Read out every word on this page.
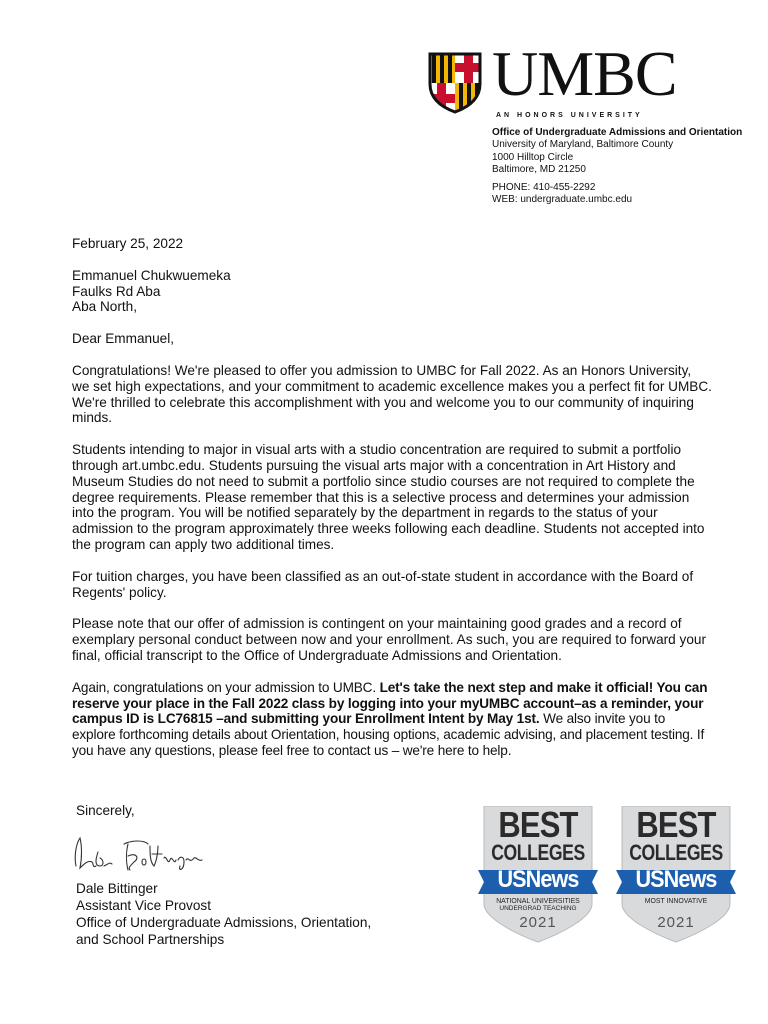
UMBC
AN HONORS UNIVERSITY
Office of Undergraduate Admissions and Orientation
University of Maryland, Baltimore County
1000 Hilltop Circle
Baltimore, MD 21250
PHONE: 410-455-2292
WEB: undergraduate.umbc.edu

February 25, 2022

Emmanuel Chukwuemeka

Faulks Rd Aba

Aba North,

Dear Emmanuel,

Congratulations! We're pleased to offer you admission to UMBC for Fall 2022. As an Honors University, we set high expectations, and your commitment to academic excellence makes you a perfect fit for UMBC. We're thrilled to celebrate this accomplishment with you and welcome you to our community of inquiring minds.

Students intending to major in visual arts with a studio concentration are required to submit a portfolio through art.umbc.edu. Students pursuing the visual arts major with a concentration in Art History and Museum Studies do not need to submit a portfolio since studio courses are not required to complete the degree requirements. Please remember that this is a selective process and determines your admission into the program. You will be notified separately by the department in regards to the status of your admission to the program approximately three weeks following each deadline. Students not accepted into the program can apply two additional times.

For tuition charges, you have been classified as an out-of-state student in accordance with the Board of Regents' policy.

Please note that our offer of admission is contingent on your maintaining good grades and a record of exemplary personal conduct between now and your enrollment. As such, you are required to forward your final, official transcript to the Office of Undergraduate Admissions and Orientation.

Again, congratulations on your admission to UMBC. Let's take the next step and make it official! You can reserve your place in the Fall 2022 class by logging into your myUMBC account–as a reminder, your campus ID is LC76815 –and submitting your Enrollment Intent by May 1st. We also invite you to explore forthcoming details about Orientation, housing options, academic advising, and placement testing. If you have any questions, please feel free to contact us – we're here to help.

Sincerely,
Dale Bittinger
Assistant Vice Provost
Office of Undergraduate Admissions, Orientation,
and School Partnerships
BEST
COLLEGES
USNews
NATIONAL UNIVERSITIES
UNDERGRAD TEACHING
2021
BEST
COLLEGES
USNews
MOST INNOVATIVE
2021
